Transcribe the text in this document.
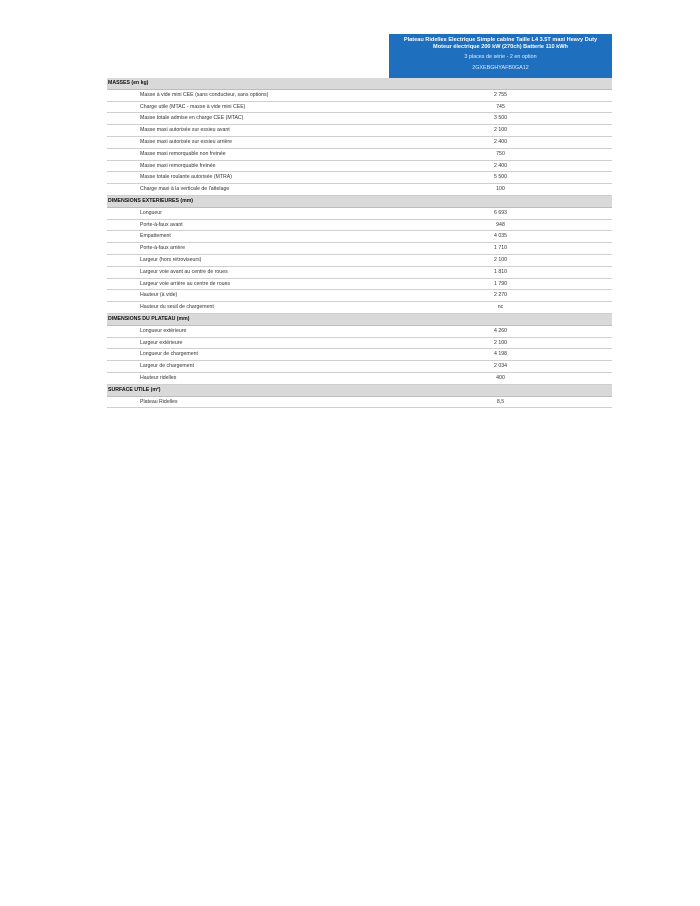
Plateau Ridelles Electrique Simple cabine Taille L4 3.5T maxi Heavy Duty
Moteur électrique 200 kW (270ch) Batterie 110 kWh
3 places de série - 2 en option
2GXEBGHYAFB0GA12
MASSES (en kg)
Masse à vide mini CEE (sans conducteur, sans options)	2 755
Charge utile (MTAC - masse à vide mini CEE)	745
Masse totale admise en charge CEE (MTAC)	3 500
Masse maxi autorisée sur essieu avant	2 100
Masse maxi autorisée sur essieu arrière	2 400
Masse maxi remorquable non freinée	750
Masse maxi remorquable freinée	2 400
Masse totale roulante autorisée (MTRA)	5 500
Charge maxi à la verticale de l'attelage	100
DIMENSIONS EXTERIEURES (mm)
Longueur	6 693
Porte-à-faux avant	948
Empattement	4 035
Porte-à-faux arrière	1 710
Largeur (hors rétroviseurs)	2 100
Largeur voie avant au centre de roues	1 810
Largeur voie arrière au centre de roues	1 790
Hauteur (à vide)	2 270
Hauteur du seuil de chargement	nc
DIMENSIONS DU PLATEAU (mm)
Longueur extérieure	4 260
Largeur extérieure	2 100
Longueur de chargement	4 198
Largeur de chargement	2 034
Hauteur ridelles	400
SURFACE UTILE (m²)
Plateau Ridelles	8,5
